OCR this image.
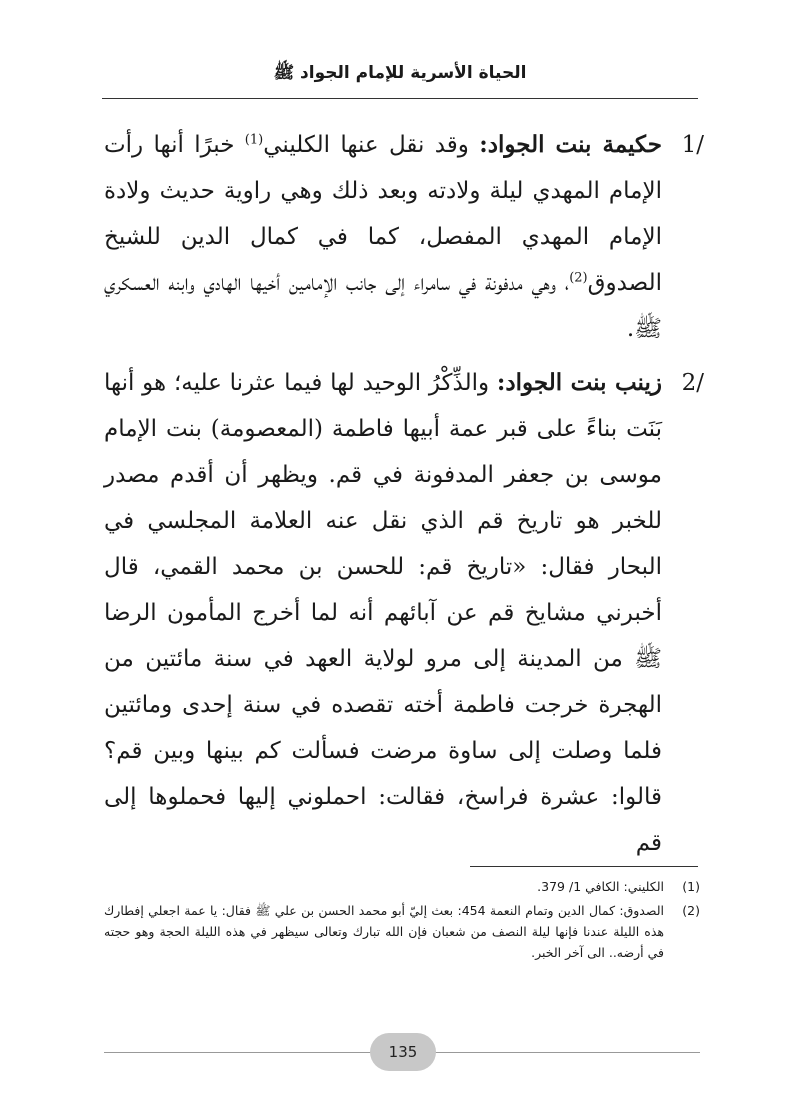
الحياة الأسرية للإمام الجواد ﷺ

1/
حكيمة بنت الجواد: وقد نقل عنها الكليني$^{(1)}$ خبرًا أنها رأت الإمام المهدي ليلة ولادته وبعد ذلك وهي راوية حديث ولادة الإمام المهدي المفصل، كما في كمال الدين للشيخ الصدوق$^{(2)}$، وهي مدفونة في سامراء إلى جانب الإمامين أخيها الهادي وابنه العسكري ﷺ.

2/
زينب بنت الجواد: والذِّكْرُ الوحيد لها فيما عثرنا عليه؛ هو أنها بَنَت بناءً على قبر عمة أبيها فاطمة (المعصومة) بنت الإمام موسى بن جعفر المدفونة في قم. ويظهر أن أقدم مصدر للخبر هو تاريخ قم الذي نقل عنه العلامة المجلسي في البحار فقال: «تاريخ قم: للحسن بن محمد القمي، قال أخبرني مشايخ قم عن آبائهم أنه لما أخرج المأمون الرضا ﷺ من المدينة إلى مرو لولاية العهد في سنة مائتين من الهجرة خرجت فاطمة أخته تقصده في سنة إحدى ومائتين فلما وصلت إلى ساوة مرضت فسألت كم بينها وبين قم؟ قالوا: عشرة فراسخ، فقالت: احملوني إليها فحملوها إلى قم

(1)
الكليني: الكافي 1/ 379.
(2)
الصدوق: كمال الدين وتمام النعمة 454: بعث إليّ أبو محمد الحسن بن علي ﷺ فقال: يا عمة اجعلي إفطارك هذه الليلة عندنا فإنها ليلة النصف من شعبان فإن الله تبارك وتعالى سيظهر في هذه الليلة الحجة وهو حجته في أرضه.. الى آخر الخبر.
135
